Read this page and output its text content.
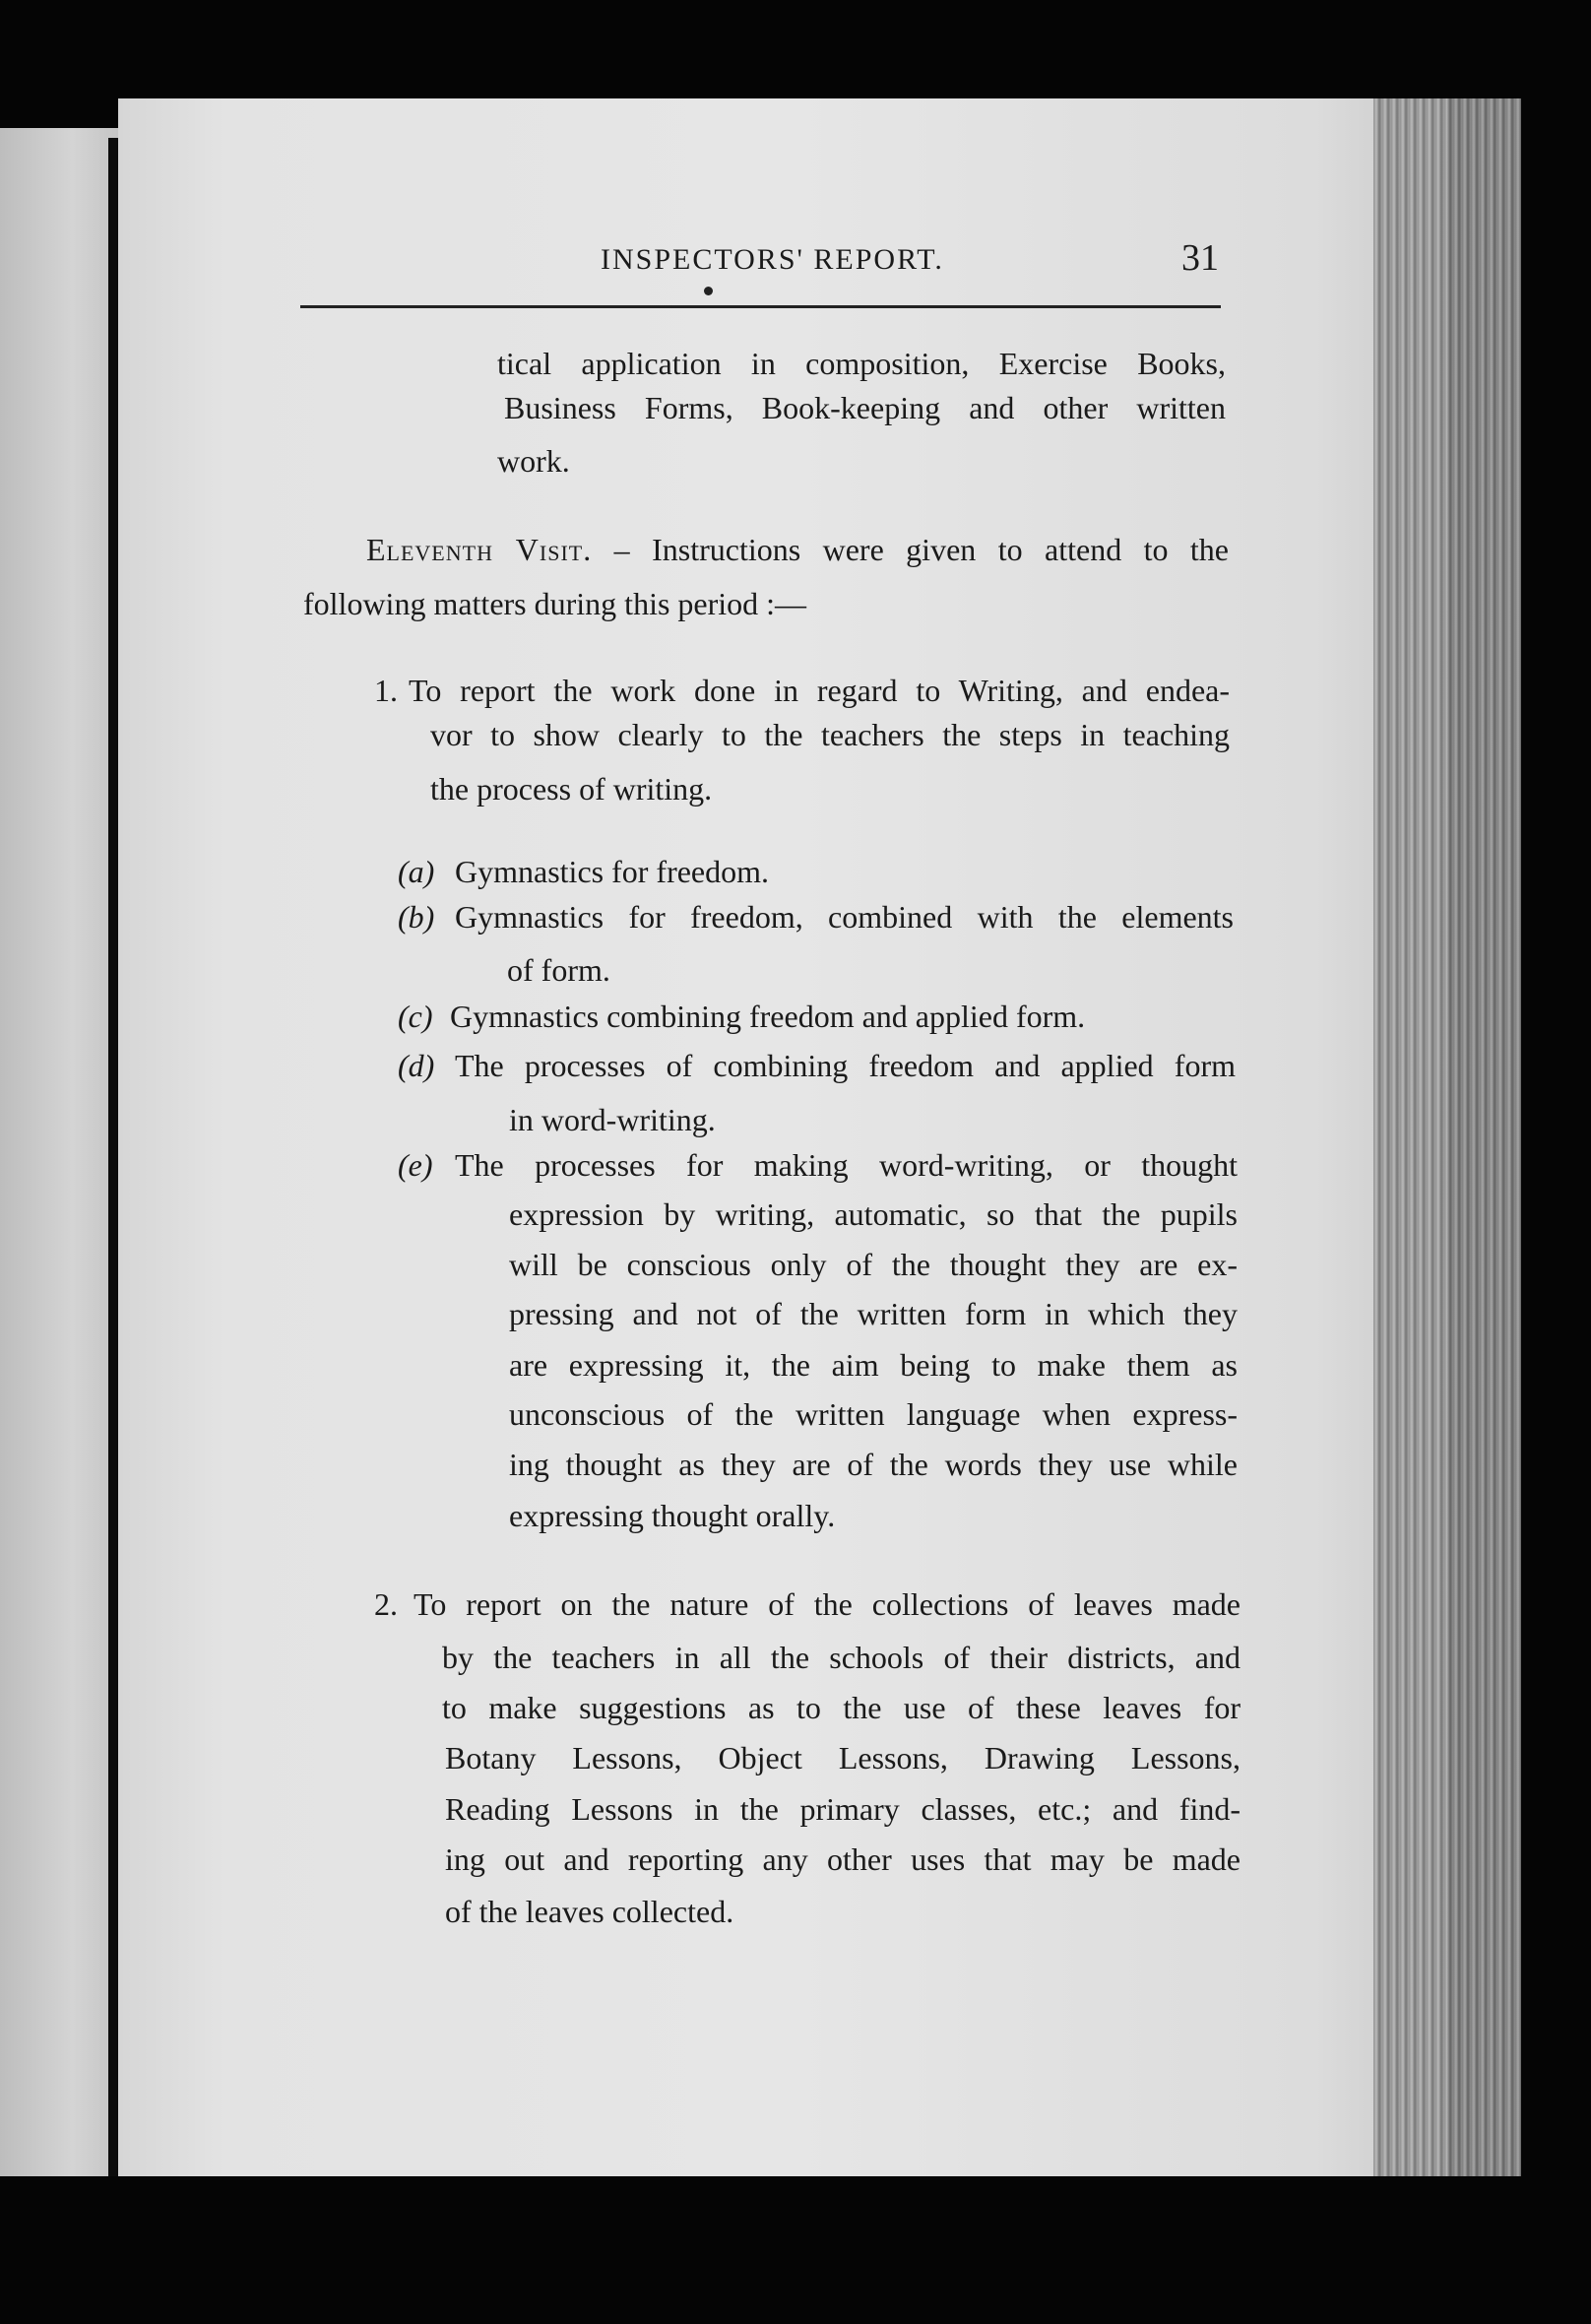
INSPECTORS' REPORT.	31
tical application in composition, Exercise Books,
Business Forms, Book-keeping and other written
work.
Eleventh Visit. – Instructions were given to attend to the
following matters during this period :—
1. To report the work done in regard to Writing, and endea-
vor to show clearly to the teachers the steps in teaching
the process of writing.
(a) Gymnastics for freedom.
(b) Gymnastics for freedom, combined with the elements
of form.
(c) Gymnastics combining freedom and applied form.
(d) The processes of combining freedom and applied form
in word-writing.
(e) The processes for making word-writing, or thought
expression by writing, automatic, so that the pupils
will be conscious only of the thought they are ex-
pressing and not of the written form in which they
are expressing it, the aim being to make them as
unconscious of the written language when express-
ing thought as they are of the words they use while
expressing thought orally.
2. To report on the nature of the collections of leaves made
by the teachers in all the schools of their districts, and
to make suggestions as to the use of these leaves for
Botany Lessons, Object Lessons, Drawing Lessons,
Reading Lessons in the primary classes, etc.; and find-
ing out and reporting any other uses that may be made
of the leaves collected.
